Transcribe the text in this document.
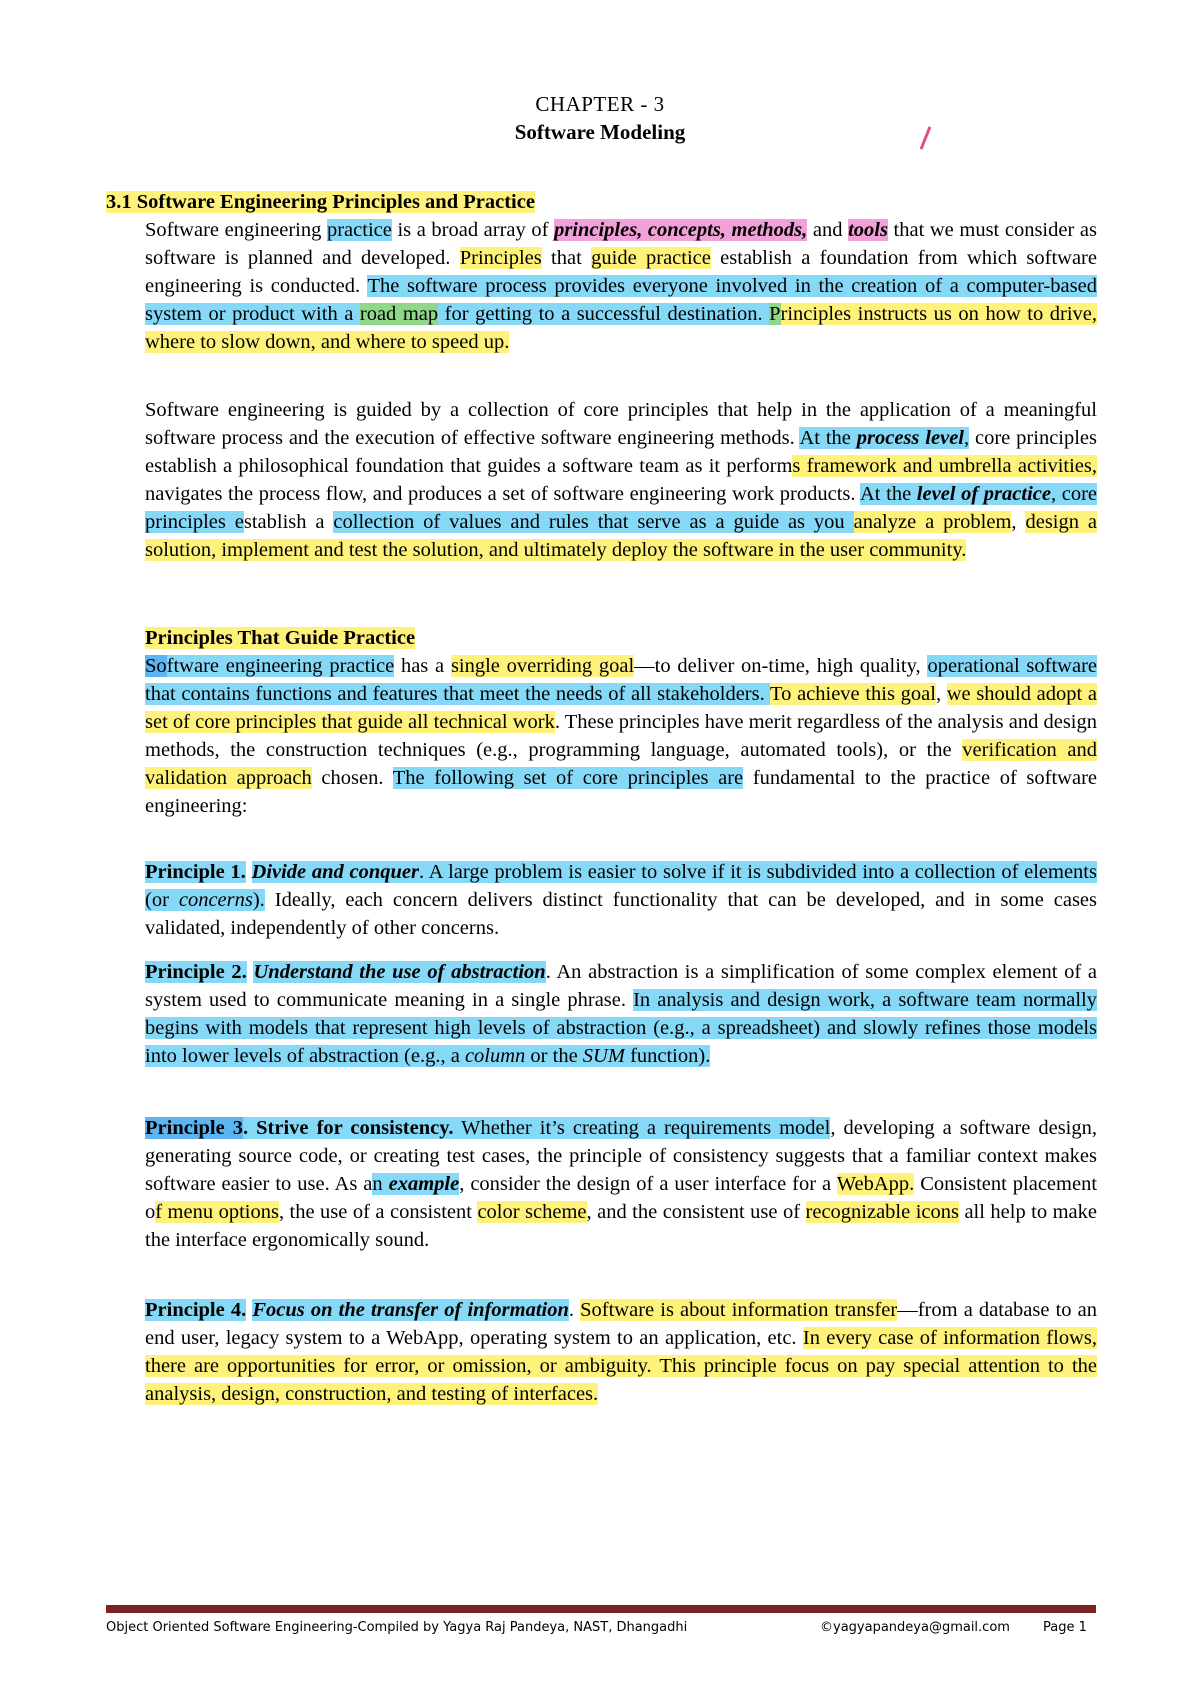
CHAPTER - 3
Software Modeling
3.1 Software Engineering Principles and Practice

Software engineering practice is a broad array of principles, concepts, methods, and tools that we must consider as software is planned and developed. Principles that guide practice establish a foundation from which software engineering is conducted. The software process provides everyone involved in the creation of a computer-based system or product with a road map for getting to a successful destination. Principles instructs us on how to drive, where to slow down, and where to speed up.

Software engineering is guided by a collection of core principles that help in the application of a meaningful software process and the execution of effective software engineering methods. At the process level, core principles establish a philosophical foundation that guides a software team as it performs framework and umbrella activities, navigates the process flow, and produces a set of software engineering work products. At the level of practice, core principles establish a collection of values and rules that serve as a guide as you analyze a problem, design a solution, implement and test the solution, and ultimately deploy the software in the user community.

Principles That Guide Practice

Software engineering practice has a single overriding goal—to deliver on-time, high quality, operational software that contains functions and features that meet the needs of all stakeholders. To achieve this goal, we should adopt a set of core principles that guide all technical work. These principles have merit regardless of the analysis and design methods, the construction techniques (e.g., programming language, automated tools), or the verification and validation approach chosen. The following set of core principles are fundamental to the practice of software engineering:

Principle 1. Divide and conquer. A large problem is easier to solve if it is subdivided into a collection of elements (or concerns). Ideally, each concern delivers distinct functionality that can be developed, and in some cases validated, independently of other concerns.

Principle 2. Understand the use of abstraction. An abstraction is a simplification of some complex element of a system used to communicate meaning in a single phrase. In analysis and design work, a software team normally begins with models that represent high levels of abstraction (e.g., a spreadsheet) and slowly refines those models into lower levels of abstraction (e.g., a column or the SUM function).

Principle 3. Strive for consistency. Whether it’s creating a requirements model, developing a software design, generating source code, or creating test cases, the principle of consistency suggests that a familiar context makes software easier to use. As an example, consider the design of a user interface for a WebApp. Consistent placement of menu options, the use of a consistent color scheme, and the consistent use of recognizable icons all help to make the interface ergonomically sound.

Principle 4. Focus on the transfer of information. Software is about information transfer—from a database to an end user, legacy system to a WebApp, operating system to an application, etc. In every case of information flows, there are opportunities for error, or omission, or ambiguity. This principle focus on pay special attention to the analysis, design, construction, and testing of interfaces.

Object Oriented Software Engineering-Compiled by Yagya Raj Pandeya, NAST, Dhangadhi	©yagyapandeya@gmail.com	Page 1
